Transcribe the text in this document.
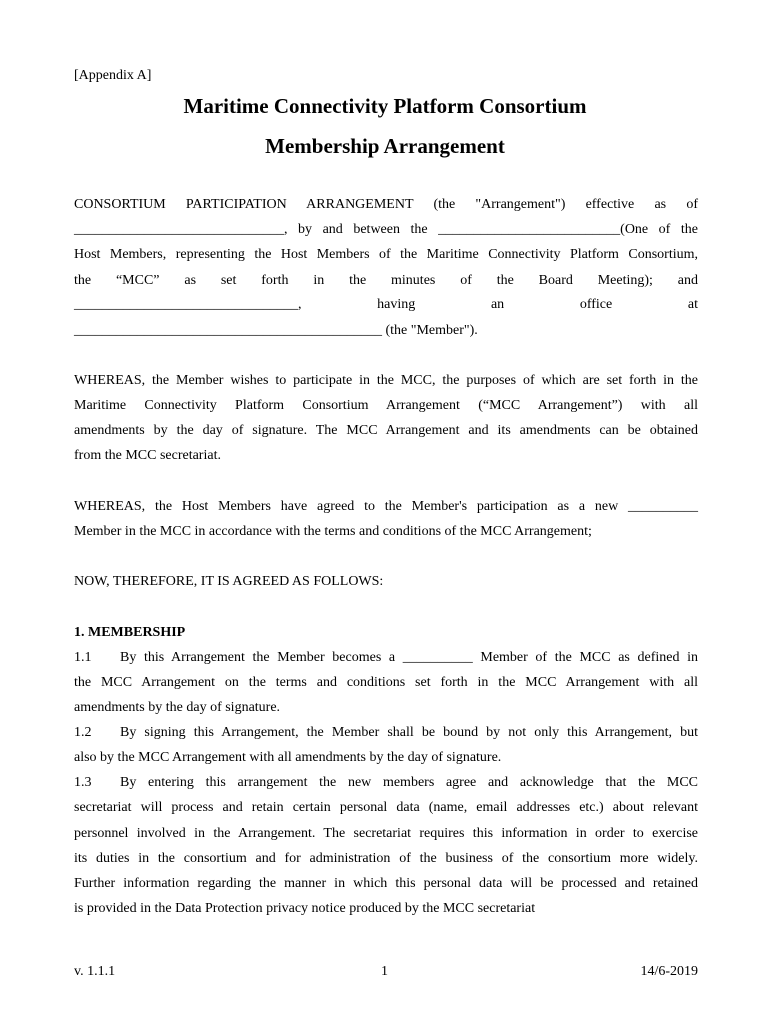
[Appendix A]
Maritime Connectivity Platform Consortium
Membership Arrangement
CONSORTIUM PARTICIPATION ARRANGEMENT (the "Arrangement") effective as of
______________________________, by and between the __________________________(One of the
Host Members, representing the Host Members of the Maritime Connectivity Platform Consortium,
the “MCC” as set forth in the minutes of the Board Meeting); and
________________________________, having an office at
____________________________________________ (the "Member").
WHEREAS, the Member wishes to participate in the MCC, the purposes of which are set forth in the
Maritime Connectivity Platform Consortium Arrangement (“MCC Arrangement”) with all
amendments by the day of signature. The MCC Arrangement and its amendments can be obtained
from the MCC secretariat.
WHEREAS, the Host Members have agreed to the Member's participation as a new __________
Member in the MCC in accordance with the terms and conditions of the MCC Arrangement;
NOW, THEREFORE, IT IS AGREED AS FOLLOWS:
1. MEMBERSHIP
1.1	By this Arrangement the Member becomes a __________ Member of the MCC as defined in
the MCC Arrangement on the terms and conditions set forth in the MCC Arrangement with all
amendments by the day of signature.
1.2	By signing this Arrangement, the Member shall be bound by not only this Arrangement, but
also by the MCC Arrangement with all amendments by the day of signature.
1.3	By entering this arrangement the new members agree and acknowledge that the MCC
secretariat will process and retain certain personal data (name, email addresses etc.) about relevant
personnel involved in the Arrangement. The secretariat requires this information in order to exercise
its duties in the consortium and for administration of the business of the consortium more widely.
Further information regarding the manner in which this personal data will be processed and retained
is provided in the Data Protection privacy notice produced by the MCC secretariat
v. 1.1.1	1	14/6-2019
